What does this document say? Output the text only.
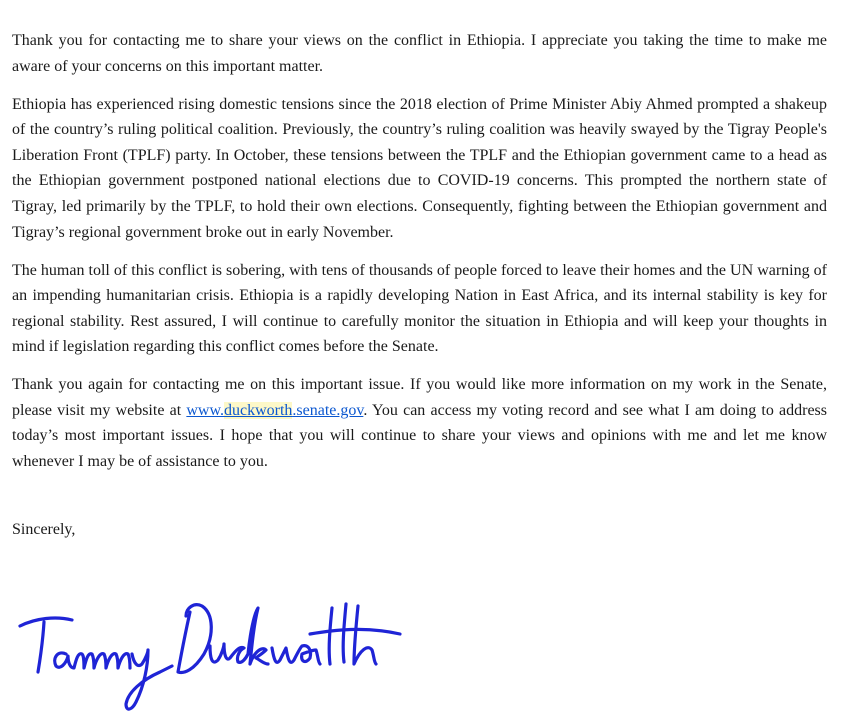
Thank you for contacting me to share your views on the conflict in Ethiopia. I appreciate you taking the time to make me aware of your concerns on this important matter.

Ethiopia has experienced rising domestic tensions since the 2018 election of Prime Minister Abiy Ahmed prompted a shakeup of the country’s ruling political coalition. Previously, the country’s ruling coalition was heavily swayed by the Tigray People's Liberation Front (TPLF) party. In October, these tensions between the TPLF and the Ethiopian government came to a head as the Ethiopian government postponed national elections due to COVID-19 concerns. This prompted the northern state of Tigray, led primarily by the TPLF, to hold their own elections. Consequently, fighting between the Ethiopian government and Tigray’s regional government broke out in early November.

The human toll of this conflict is sobering, with tens of thousands of people forced to leave their homes and the UN warning of an impending humanitarian crisis. Ethiopia is a rapidly developing Nation in East Africa, and its internal stability is key for regional stability. Rest assured, I will continue to carefully monitor the situation in Ethiopia and will keep your thoughts in mind if legislation regarding this conflict comes before the Senate.

Thank you again for contacting me on this important issue. If you would like more information on my work in the Senate, please visit my website at www.duckworth.senate.gov. You can access my voting record and see what I am doing to address today’s most important issues. I hope that you will continue to share your views and opinions with me and let me know whenever I may be of assistance to you.

Sincerely,
